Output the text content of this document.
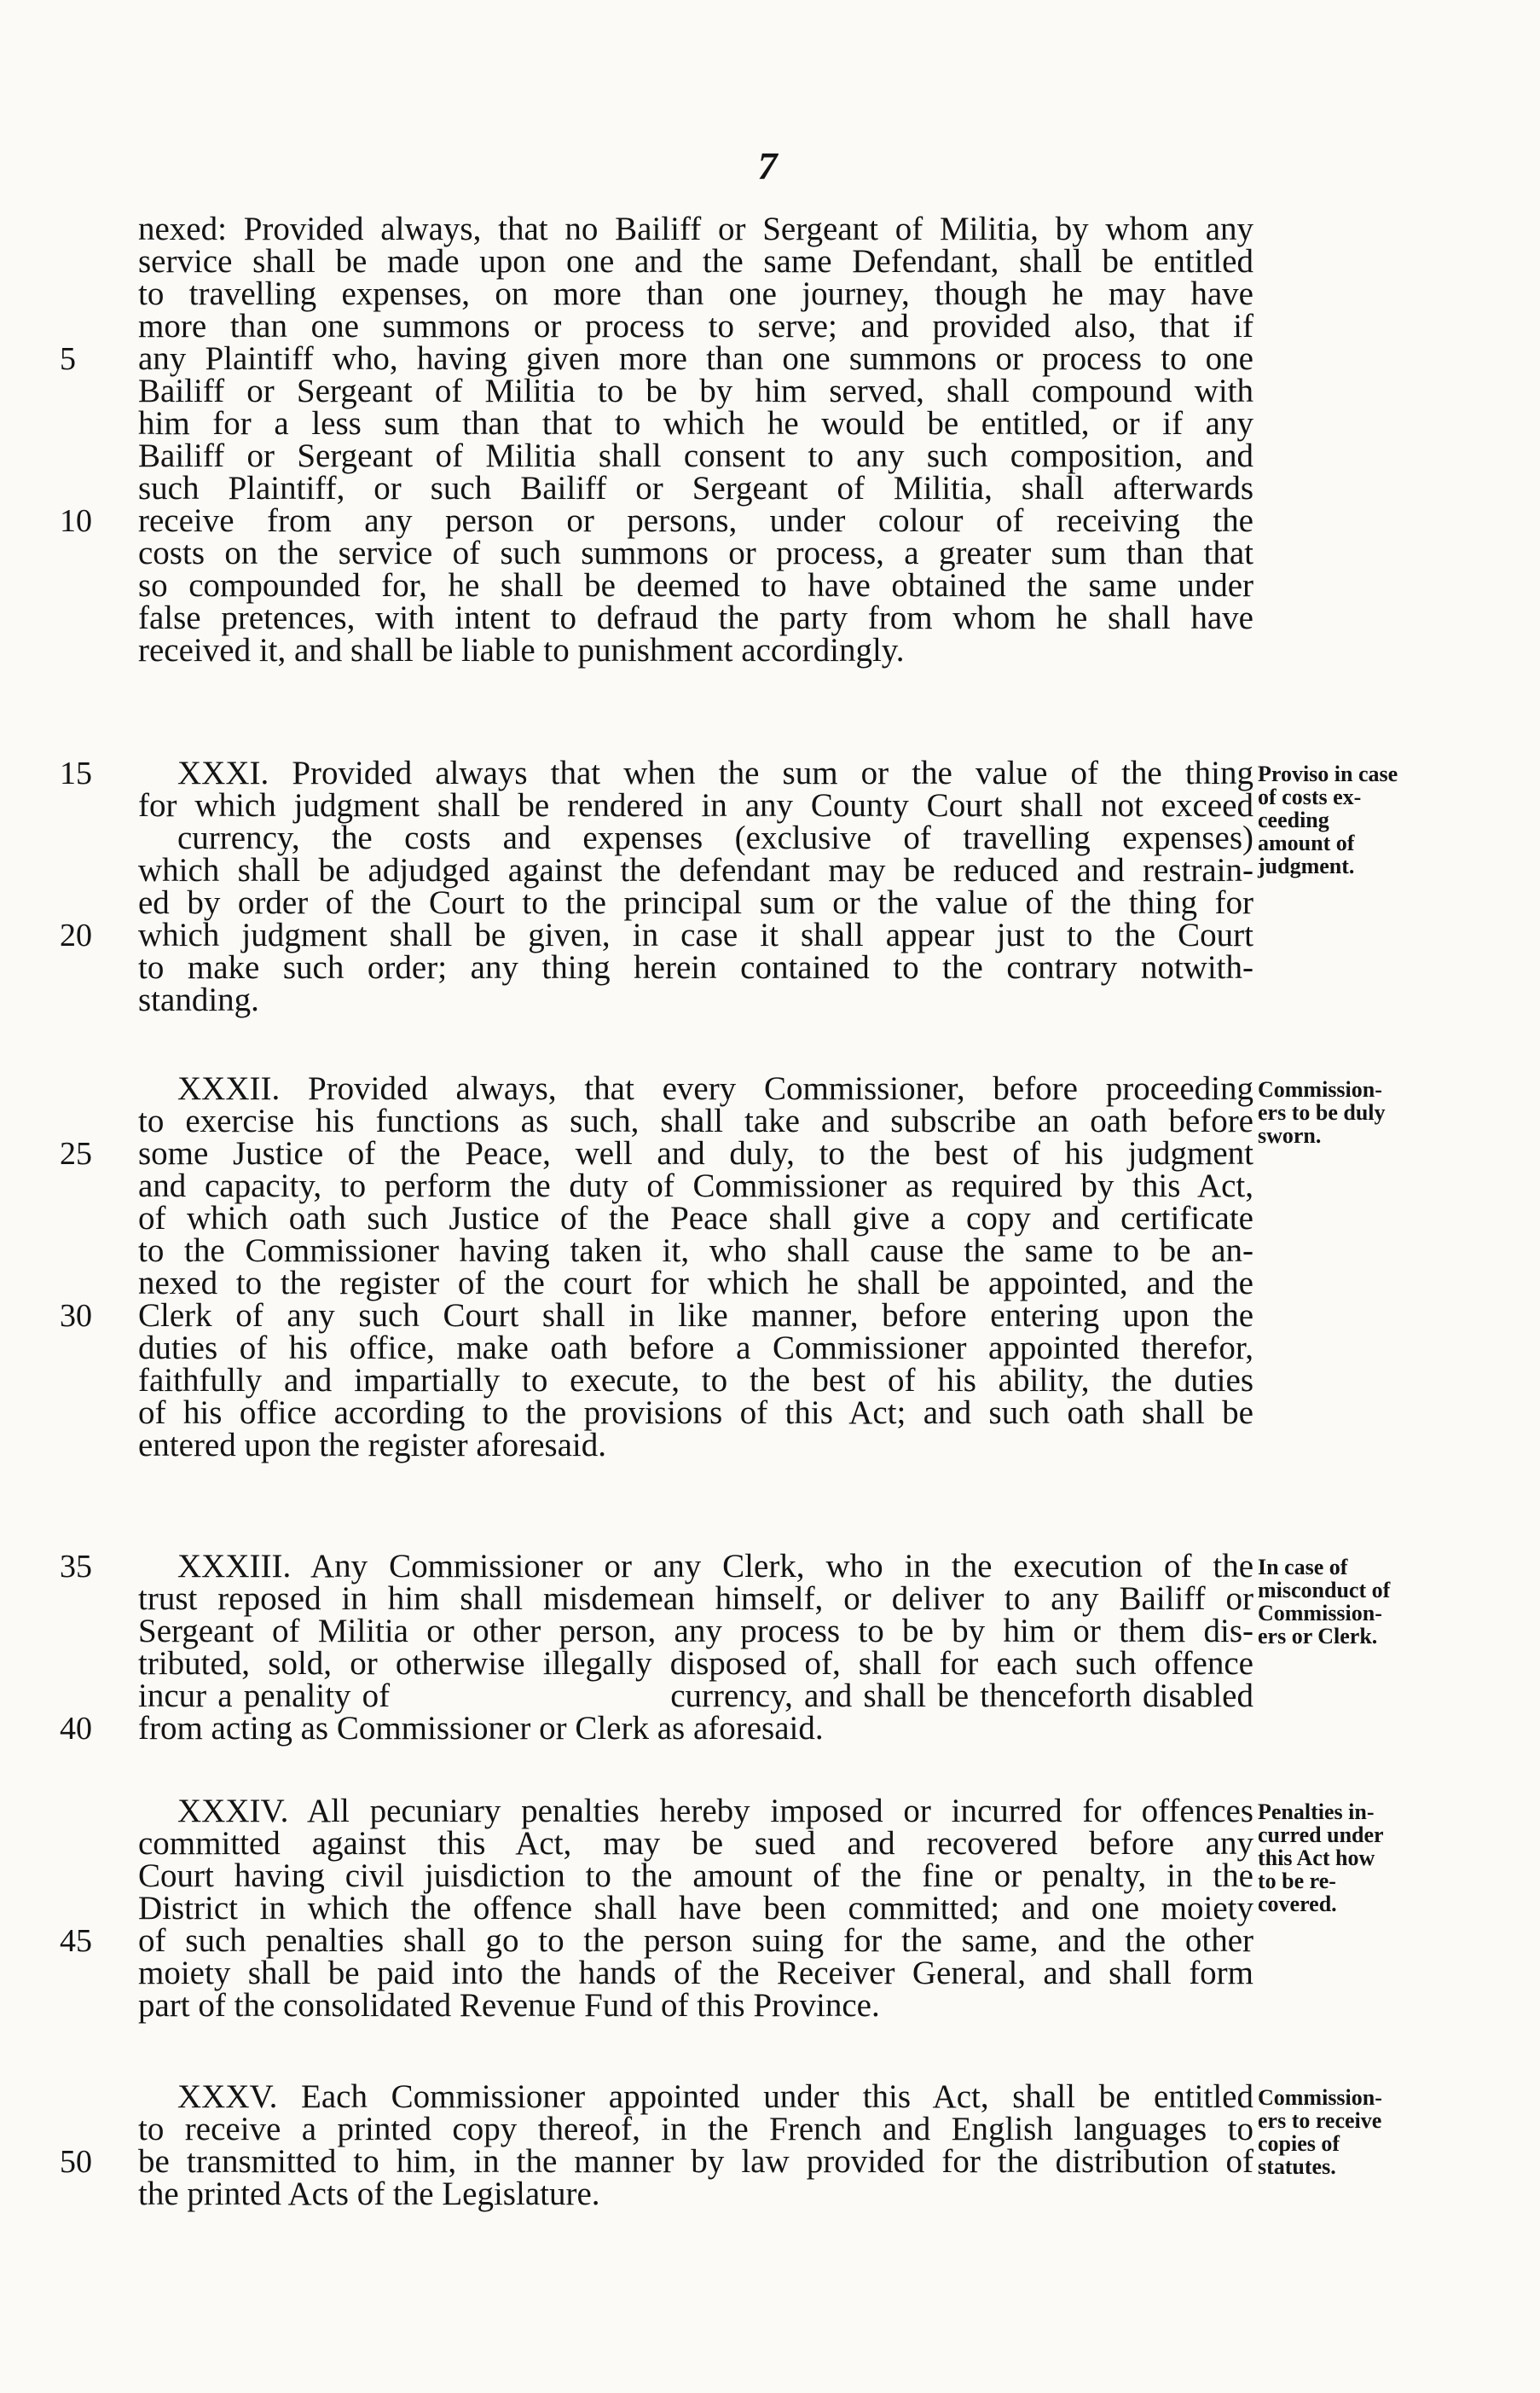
7
nexed: Provided always, that no Bailiff or Sergeant of Militia, by whom any
service shall be made upon one and the same Defendant, shall be entitled
to travelling expenses, on more than one journey, though he may have
more than one summons or process to serve; and provided also, that if
5	any Plaintiff who, having given more than one summons or process to one
Bailiff or Sergeant of Militia to be by him served, shall compound with
him for a less sum than that to which he would be entitled, or if any
Bailiff or Sergeant of Militia shall consent to any such composition, and
such Plaintiff, or such Bailiff or Sergeant of Militia, shall afterwards
10	receive from any person or persons, under colour of receiving the
costs on the service of such summons or process, a greater sum than that
so compounded for, he shall be deemed to have obtained the same under
false pretences, with intent to defraud the party from whom he shall have
received it, and shall be liable to punishment accordingly.
15	XXXI. Provided always that when the sum or the value of the thing
for which judgment shall be rendered in any County Court shall not exceed
currency, the costs and expenses (exclusive of travelling expenses)
which shall be adjudged against the defendant may be reduced and restrain-
ed by order of the Court to the principal sum or the value of the thing for
20	which judgment shall be given, in case it shall appear just to the Court
to make such order; any thing herein contained to the contrary notwith-
standing.
Proviso in case
of costs ex-
ceeding
amount of
judgment.
XXXII. Provided always, that every Commissioner, before proceeding
to exercise his functions as such, shall take and subscribe an oath before
25	some Justice of the Peace, well and duly, to the best of his judgment
and capacity, to perform the duty of Commissioner as required by this Act,
of which oath such Justice of the Peace shall give a copy and certificate
to the Commissioner having taken it, who shall cause the same to be an-
nexed to the register of the court for which he shall be appointed, and the
30	Clerk of any such Court shall in like manner, before entering upon the
duties of his office, make oath before a Commissioner appointed therefor,
faithfully and impartially to execute, to the best of his ability, the duties
of his office according to the provisions of this Act; and such oath shall be
entered upon the register aforesaid.
Commission-
ers to be duly
sworn.
35	XXXIII. Any Commissioner or any Clerk, who in the execution of the
trust reposed in him shall misdemean himself, or deliver to any Bailiff or
Sergeant of Militia or other person, any process to be by him or them dis-
tributed, sold, or otherwise illegally disposed of, shall for each such offence
incur a penality of                         currency, and shall be thenceforth disabled
40	from acting as Commissioner or Clerk as aforesaid.
In case of
misconduct of
Commission-
ers or Clerk.
XXXIV. All pecuniary penalties hereby imposed or incurred for offences
committed against this Act, may be sued and recovered before any
Court having civil juisdiction to the amount of the fine or penalty, in the
District in which the offence shall have been committed; and one moiety
45	of such penalties shall go to the person suing for the same, and the other
moiety shall be paid into the hands of the Receiver General, and shall form
part of the consolidated Revenue Fund of this Province.
Penalties in-
curred under
this Act how
to be re-
covered.
XXXV. Each Commissioner appointed under this Act, shall be entitled
to receive a printed copy thereof, in the French and English languages to
50	be transmitted to him, in the manner by law provided for the distribution of
the printed Acts of the Legislature.
Commission-
ers to receive
copies of
statutes.
